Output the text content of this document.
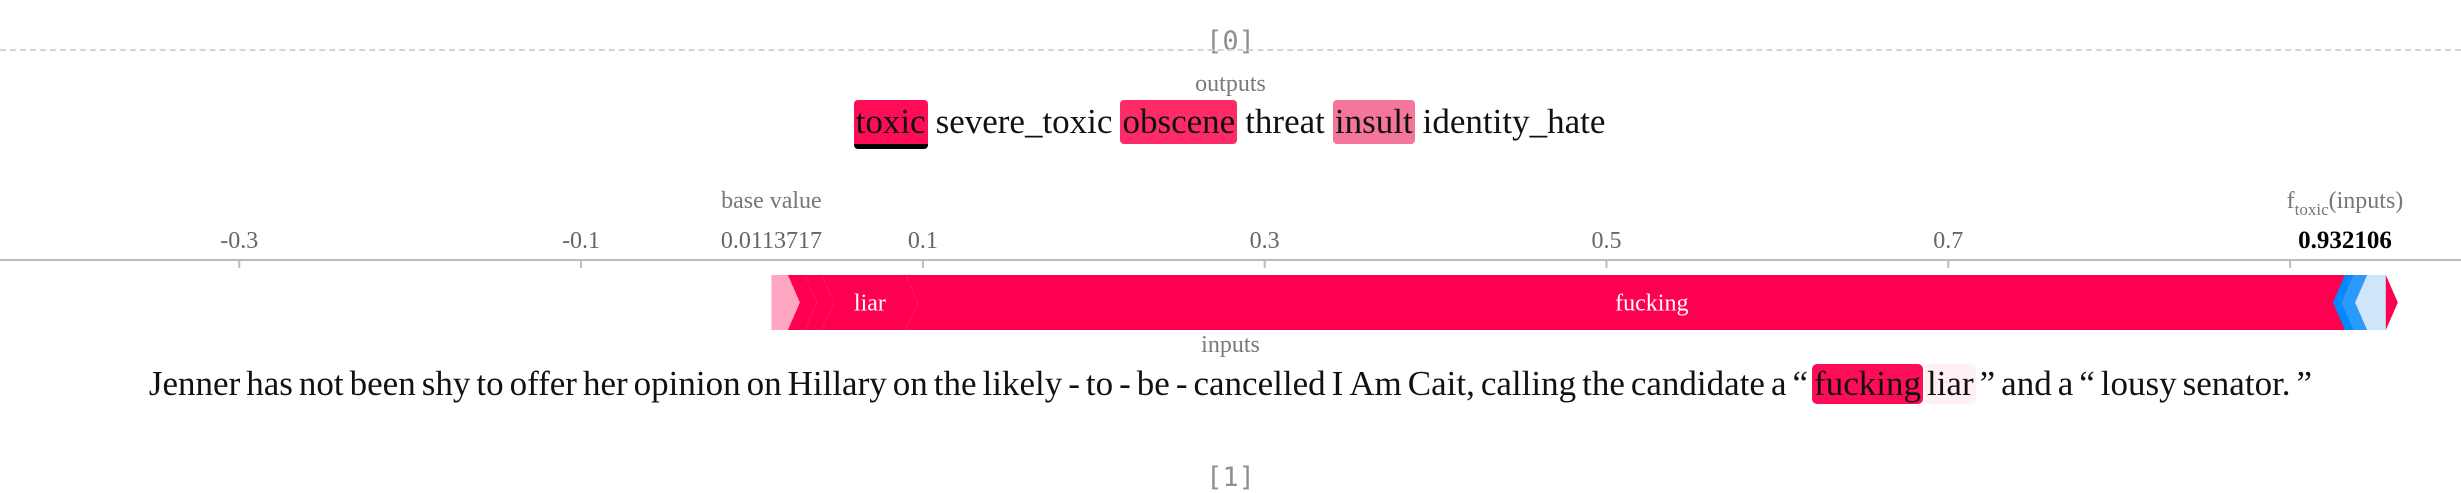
[0]
outputs
toxic severe_toxic obscene threat insult identity_hate
-0.3	-0.1	0.1	0.3	0.5	0.7
base value
0.0113717
$f_{toxic}(inputs)$
0.932106
liar	fucking
inputs
Jenner has not been shy to offer her opinion on Hillary on the likely - to - be - cancelled I Am Cait, calling the candidate a “ fucking liar ” and a “ lousy senator. ”
[1]
